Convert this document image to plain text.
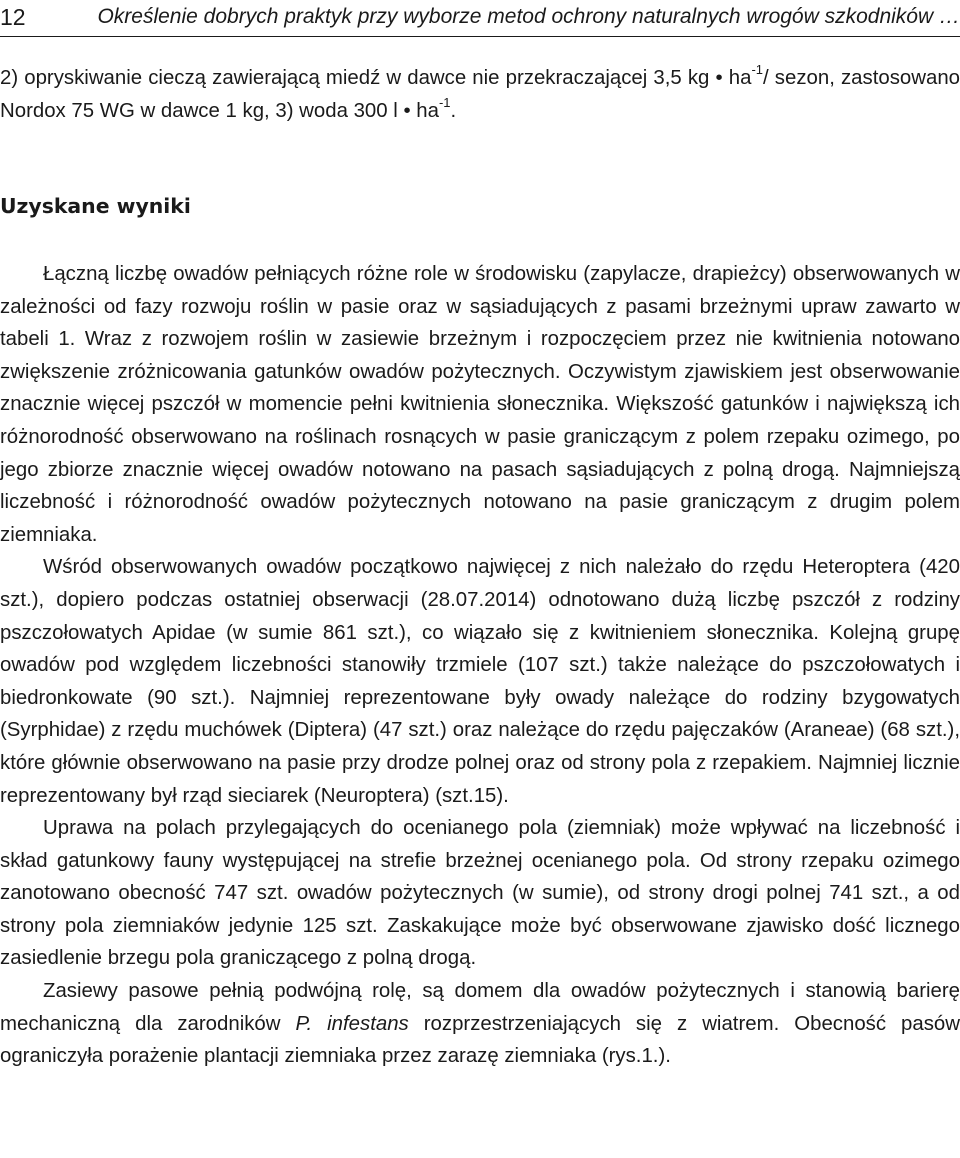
12	Określenie dobrych praktyk przy wyborze metod ochrony naturalnych wrogów szkodników …

2) opryskiwanie cieczą zawierającą miedź w dawce nie przekraczającej 3,5 kg • $ha^{-1}/$ sezon, zastosowano Nordox 75 WG w dawce 1 kg, 3) woda 300 l • $ha^{-1}$.

Uzyskane wyniki

Łączną liczbę owadów pełniących różne role w środowisku (zapylacze, drapieżcy) obserwowanych w zależności od fazy rozwoju roślin w pasie oraz w sąsiadujących z pasami brzeżnymi upraw zawarto w tabeli 1. Wraz z rozwojem roślin w zasiewie brzeżnym i rozpoczęciem przez nie kwitnienia notowano zwiększenie zróżnicowania gatunków owadów pożytecznych. Oczywistym zjawiskiem jest obserwowanie znacznie więcej pszczół w momencie pełni kwitnienia słonecznika. Większość gatunków i największą ich różnorodność obserwowano na roślinach rosnących w pasie graniczącym z polem rzepaku ozimego, po jego zbiorze znacznie więcej owadów notowano na pasach sąsiadujących z polną drogą. Najmniejszą liczebność i różnorodność owadów pożytecznych notowano na pasie granicząсym z drugim polem ziemniaka.

Wśród obserwowanych owadów początkowo najwięcej z nich należało do rzędu Heteroptera (420 szt.), dopiero podczas ostatniej obserwacji (28.07.2014) odnotowano dużą liczbę pszczół z rodziny pszczołowatych Apidae (w sumie 861 szt.), co wiązało się z kwitnieniem słonecznika. Kolejną grupę owadów pod względem liczebności stanowiły trzmiele (107 szt.) także należące do pszczołowatych i biedronkowate (90 szt.). Najmniej reprezentowane były owady należące do rodziny bzygowatych (Syrphidae) z rzędu muchówek (Diptera) (47 szt.) oraz należące do rzędu pajęczaków (Araneae) (68 szt.), które głównie obserwowano na pasie przy drodze polnej oraz od strony pola z rzepakiem. Najmniej licznie reprezentowany był rząd sieciarek (Neuroptera) (szt.15).

Uprawa na polach przylegających do ocenianego pola (ziemniak) może wpływać na liczebność i skład gatunkowy fauny występującej na strefie brzeżnej ocenianego pola. Od strony rzepaku ozimego zanotowano obecność 747 szt. owadów pożytecznych (w sumie), od strony drogi polnej 741 szt., a od strony pola ziemniaków jedynie 125 szt. Zaskakujące może być obserwowane zjawisko dość licznego zasiedlenie brzegu pola graniczącego z polną drogą.

Zasiewy pasowe pełnią podwójną rolę, są domem dla owadów pożytecznych i stanowią barierę mechaniczną dla zarodników P. infestans rozprzestrzeniających się z wiatrem. Obecność pasów ograniczyła porażenie plantacji ziemniaka przez zarazę ziemniaka (rys.1.).
